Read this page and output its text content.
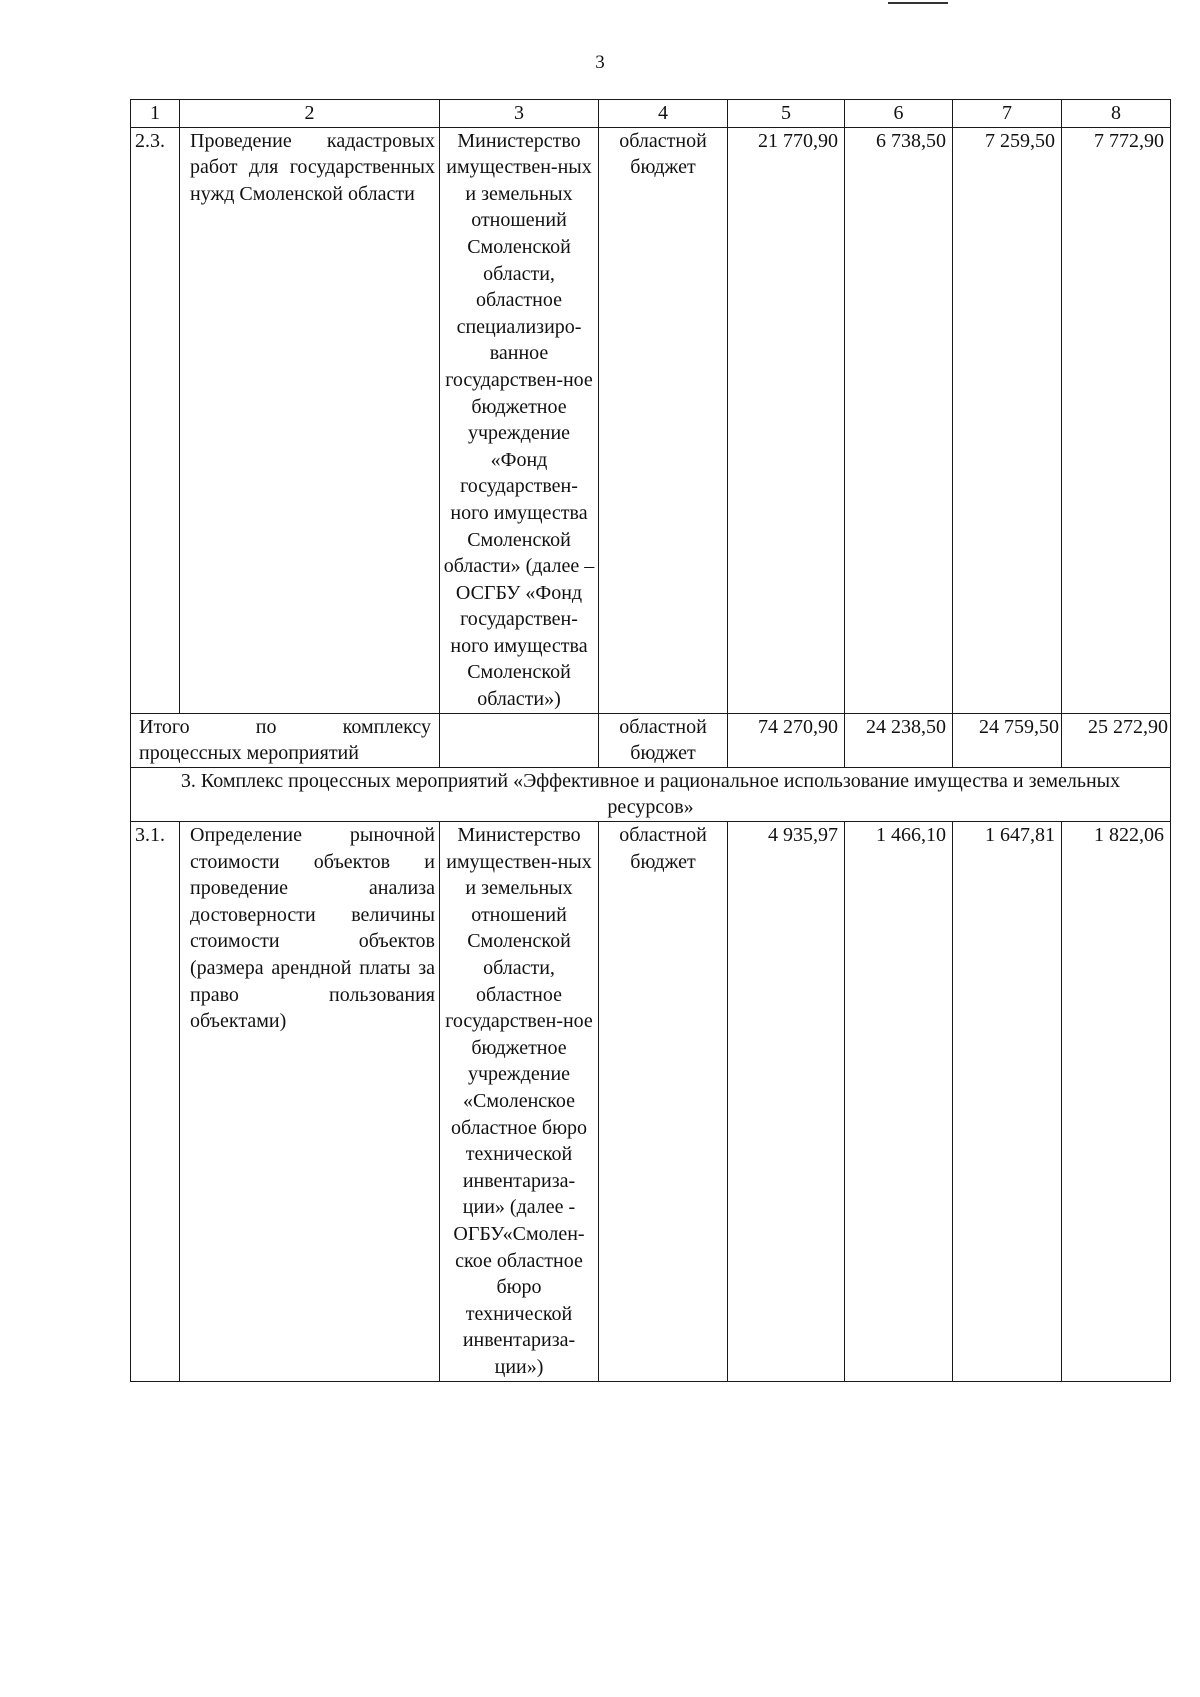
3
1	2	3	4	5	6	7	8
2.3.	Проведение кадастровых работ для государственных нужд Смоленской области	Министерство имуществен-ных и земельных отношений Смоленской области, областное специализиро-ванное государствен-ное бюджетное учреждение «Фонд государствен-ного имущества Смоленской области» (далее – ОСГБУ «Фонд государствен-ного имущества Смоленской области»)	областной бюджет	21 770,90	6 738,50	7 259,50	7 772,90

Итого по комплексу
процессных мероприятий			областной бюджет	74 270,90	24 238,50	24 759,50	25 272,90
3. Комплекс процессных мероприятий «Эффективное и рациональное использование имущества и земельных ресурсов»							
3.1.	Определение рыночной стоимости объектов и проведение анализа достоверности величины стоимости объектов (размера арендной платы за право пользования объектами)	Министерство имуществен-ных и земельных отношений Смоленской области, областное государствен-ное бюджетное учреждение «Смоленское областное бюро технической инвентариза-ции» (далее - ОГБУ«Смолен-ское областное бюро технической инвентариза-ции»)	областной бюджет	4 935,97	1 466,10	1 647,81	1 822,06
